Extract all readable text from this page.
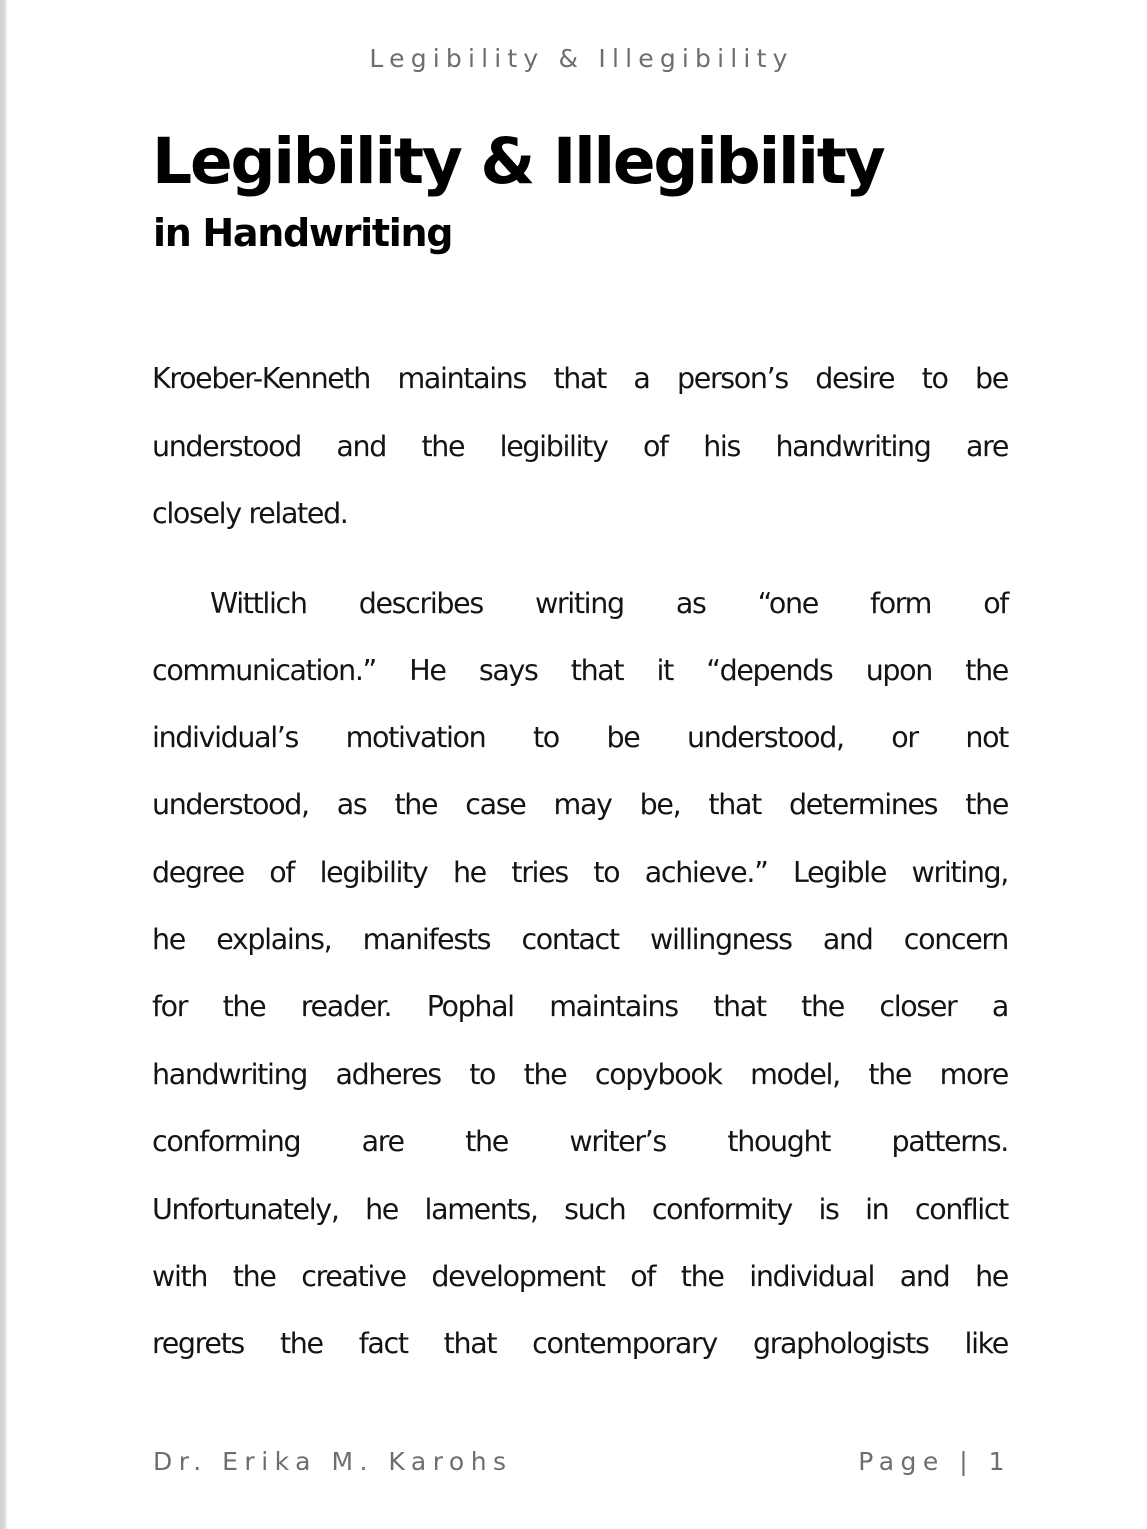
Legibility & Illegibility
Legibility & Illegibility
in Handwriting
Kroeber-Kenneth maintains that a person’s desire to be
understood and the legibility of his handwriting are
closely related.
Wittlich describes writing as “one form of
communication.” He says that it “depends upon the
individual’s motivation to be understood, or not
understood, as the case may be, that determines the
degree of legibility he tries to achieve.” Legible writing,
he explains, manifests contact willingness and concern
for the reader. Pophal maintains that the closer a
handwriting adheres to the copybook model, the more
conforming are the writer’s thought patterns.
Unfortunately, he laments, such conformity is in conflict
with the creative development of the individual and he
regrets the fact that contemporary graphologists like
Dr. Erika M. Karohs	Page | 1
